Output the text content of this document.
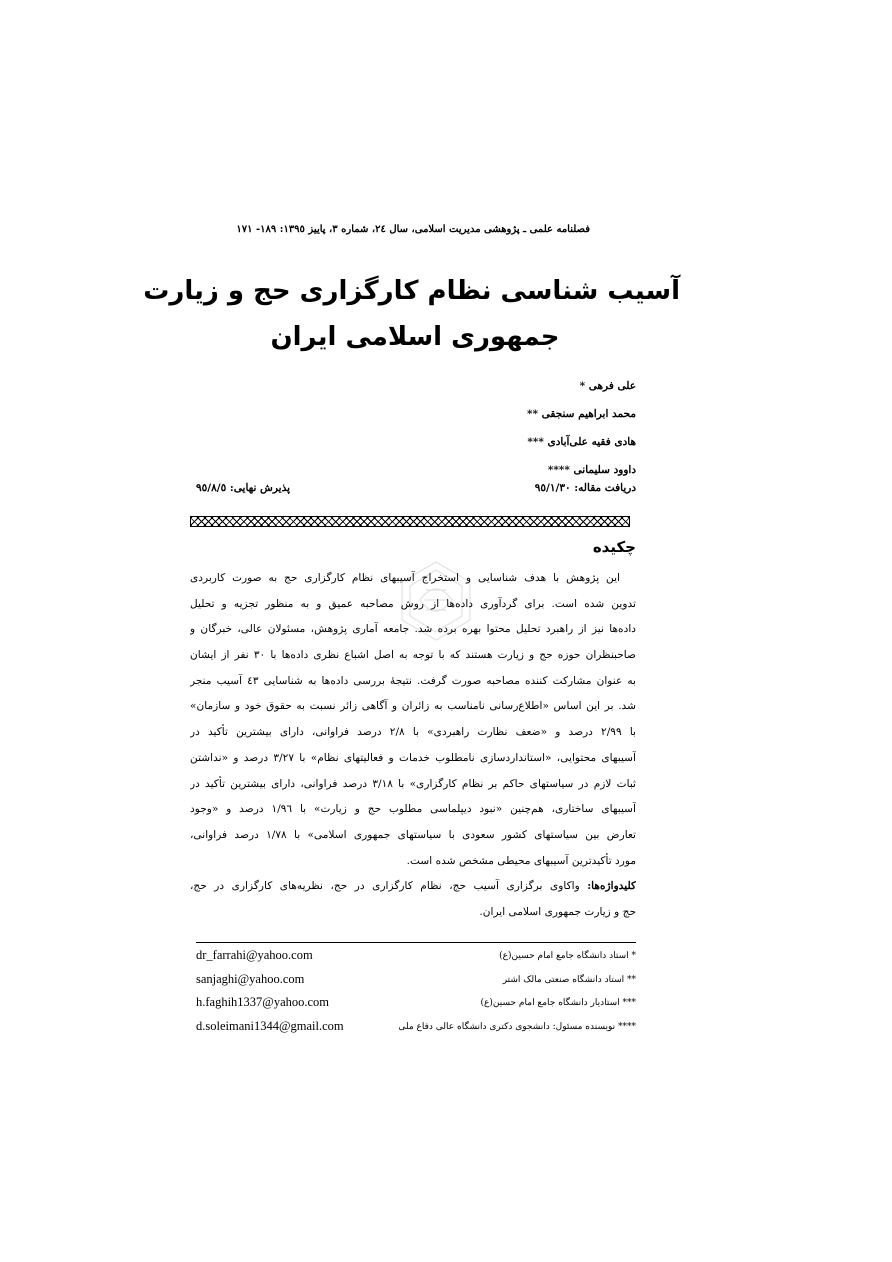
فصلنامه علمی ـ پژوهشی مدیریت اسلامی، سال ٢٤، شماره ٣، پاییز ١٣٩٥: ١٨٩- ١٧١
آسیب شناسی نظام کارگزاری حج و زیارت
جمهوری اسلامی ایران
علی فرهی *
محمد ابراهیم سنجقی **
هادی فقیه علی‌آبادی ***
داوود سلیمانی ****
دریافت مقاله: ٩٥/١/٣٠
پذیرش نهایی: ٩٥/٨/٥
چکیده
این پژوهش با هدف شناسایی و استخراج آسیبهای نظام کارگزاری حج به صورت کاربردی
تدوین شده است. برای گردآوری داده‌ها از روش مصاحبه عمیق و به منظور تجزیه و تحلیل
داده‌ها نیز از راهبرد تحلیل محتوا بهره برده شد. جامعه آماری پژوهش، مسئولان عالی، خبرگان و
صاحبنظران حوزه حج و زیارت هستند که با توجه به اصل اشباع نظری داده‌ها با ٣٠ نفر از ایشان
به عنوان مشارکت کننده مصاحبه صورت گرفت. نتیجهٔ بررسی داده‌ها به شناسایی ٤٣ آسیب منجر
شد. بر این اساس «اطلاع‌رسانی نامناسب به زائران و آگاهی زائر نسبت به حقوق خود و سازمان»
با ٢/٩٩ درصد و «ضعف نظارت راهبردی» با ٢/٨ درصد فراوانی، دارای بیشترین تأکید در
آسیبهای محتوایی، «استانداردسازی نامطلوب خدمات و فعالیتهای نظام» با ٣/٢٧ درصد و «نداشتن
ثبات لازم در سیاستهای حاکم بر نظام کارگزاری» با ٣/١٨ درصد فراوانی، دارای بیشترین تأکید در
آسیبهای ساختاری، هم‌چنین «نبود دیپلماسی مطلوب حج و زیارت» با ١/٩٦ درصد و «وجود
تعارض بین سیاستهای کشور سعودی با سیاستهای جمهوری اسلامی» با ١/٧٨ درصد فراوانی،
مورد تأکیدترین آسیبهای محیطی مشخص شده است.
کلیدواژه‌ها: واکاوی برگزاری آسیب حج، نظام کارگزاری در حج، نظریه‌های کارگزاری در حج،
حج و زیارت جمهوری اسلامی ایران.
dr_farrahi@yahoo.com	* استاد دانشگاه جامع امام حسین(ع)
sanjaghi@yahoo.com	** استاد دانشگاه صنعتی مالک اشتر
h.faghih1337@yahoo.com	*** استادیار دانشگاه جامع امام حسین(ع)
d.soleimani1344@gmail.com	**** نویسنده مسئول: دانشجوی دکتری دانشگاه عالی دفاع ملی
